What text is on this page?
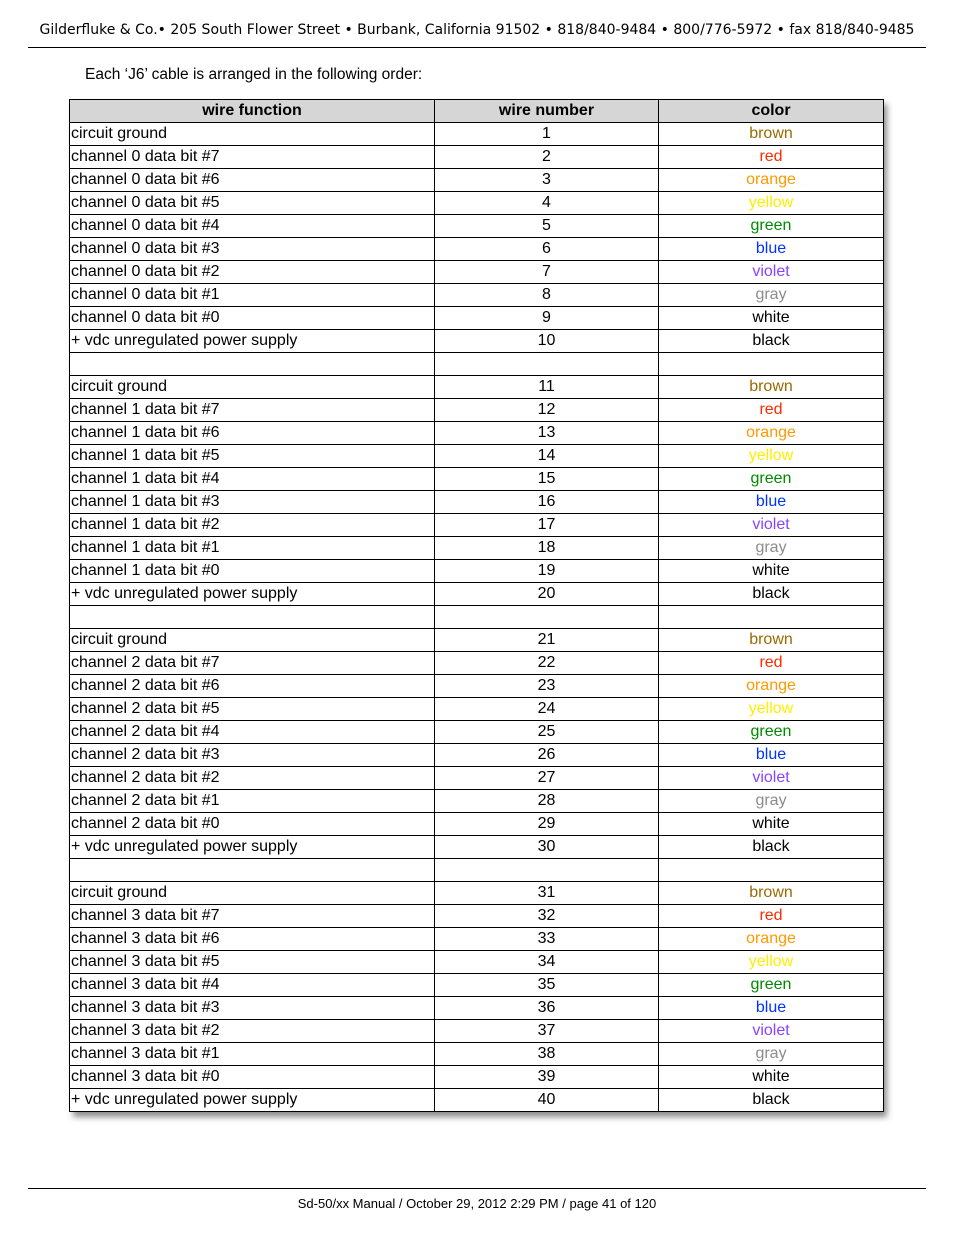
Gilderfluke & Co.• 205 South Flower Street • Burbank, California 91502 • 818/840-9484 • 800/776-5972 • fax 818/840-9485
Each ‘J6’ cable is arranged in the following order:
wire function	wire number	color
circuit ground	1	brown
channel 0 data bit #7	2	red
channel 0 data bit #6	3	orange
channel 0 data bit #5	4	yellow
channel 0 data bit #4	5	green
channel 0 data bit #3	6	blue
channel 0 data bit #2	7	violet
channel 0 data bit #1	8	gray
channel 0 data bit #0	9	white
+ vdc unregulated power supply	10	black

circuit ground	11	brown
channel 1 data bit #7	12	red
channel 1 data bit #6	13	orange
channel 1 data bit #5	14	yellow
channel 1 data bit #4	15	green
channel 1 data bit #3	16	blue
channel 1 data bit #2	17	violet
channel 1 data bit #1	18	gray
channel 1 data bit #0	19	white
+ vdc unregulated power supply	20	black

circuit ground	21	brown
channel 2 data bit #7	22	red
channel 2 data bit #6	23	orange
channel 2 data bit #5	24	yellow
channel 2 data bit #4	25	green
channel 2 data bit #3	26	blue
channel 2 data bit #2	27	violet
channel 2 data bit #1	28	gray
channel 2 data bit #0	29	white
+ vdc unregulated power supply	30	black

circuit ground	31	brown
channel 3 data bit #7	32	red
channel 3 data bit #6	33	orange
channel 3 data bit #5	34	yellow
channel 3 data bit #4	35	green
channel 3 data bit #3	36	blue
channel 3 data bit #2	37	violet
channel 3 data bit #1	38	gray
channel 3 data bit #0	39	white
+ vdc unregulated power supply	40	black
Sd-50/xx Manual / October 29, 2012 2:29 PM / page 41 of 120
